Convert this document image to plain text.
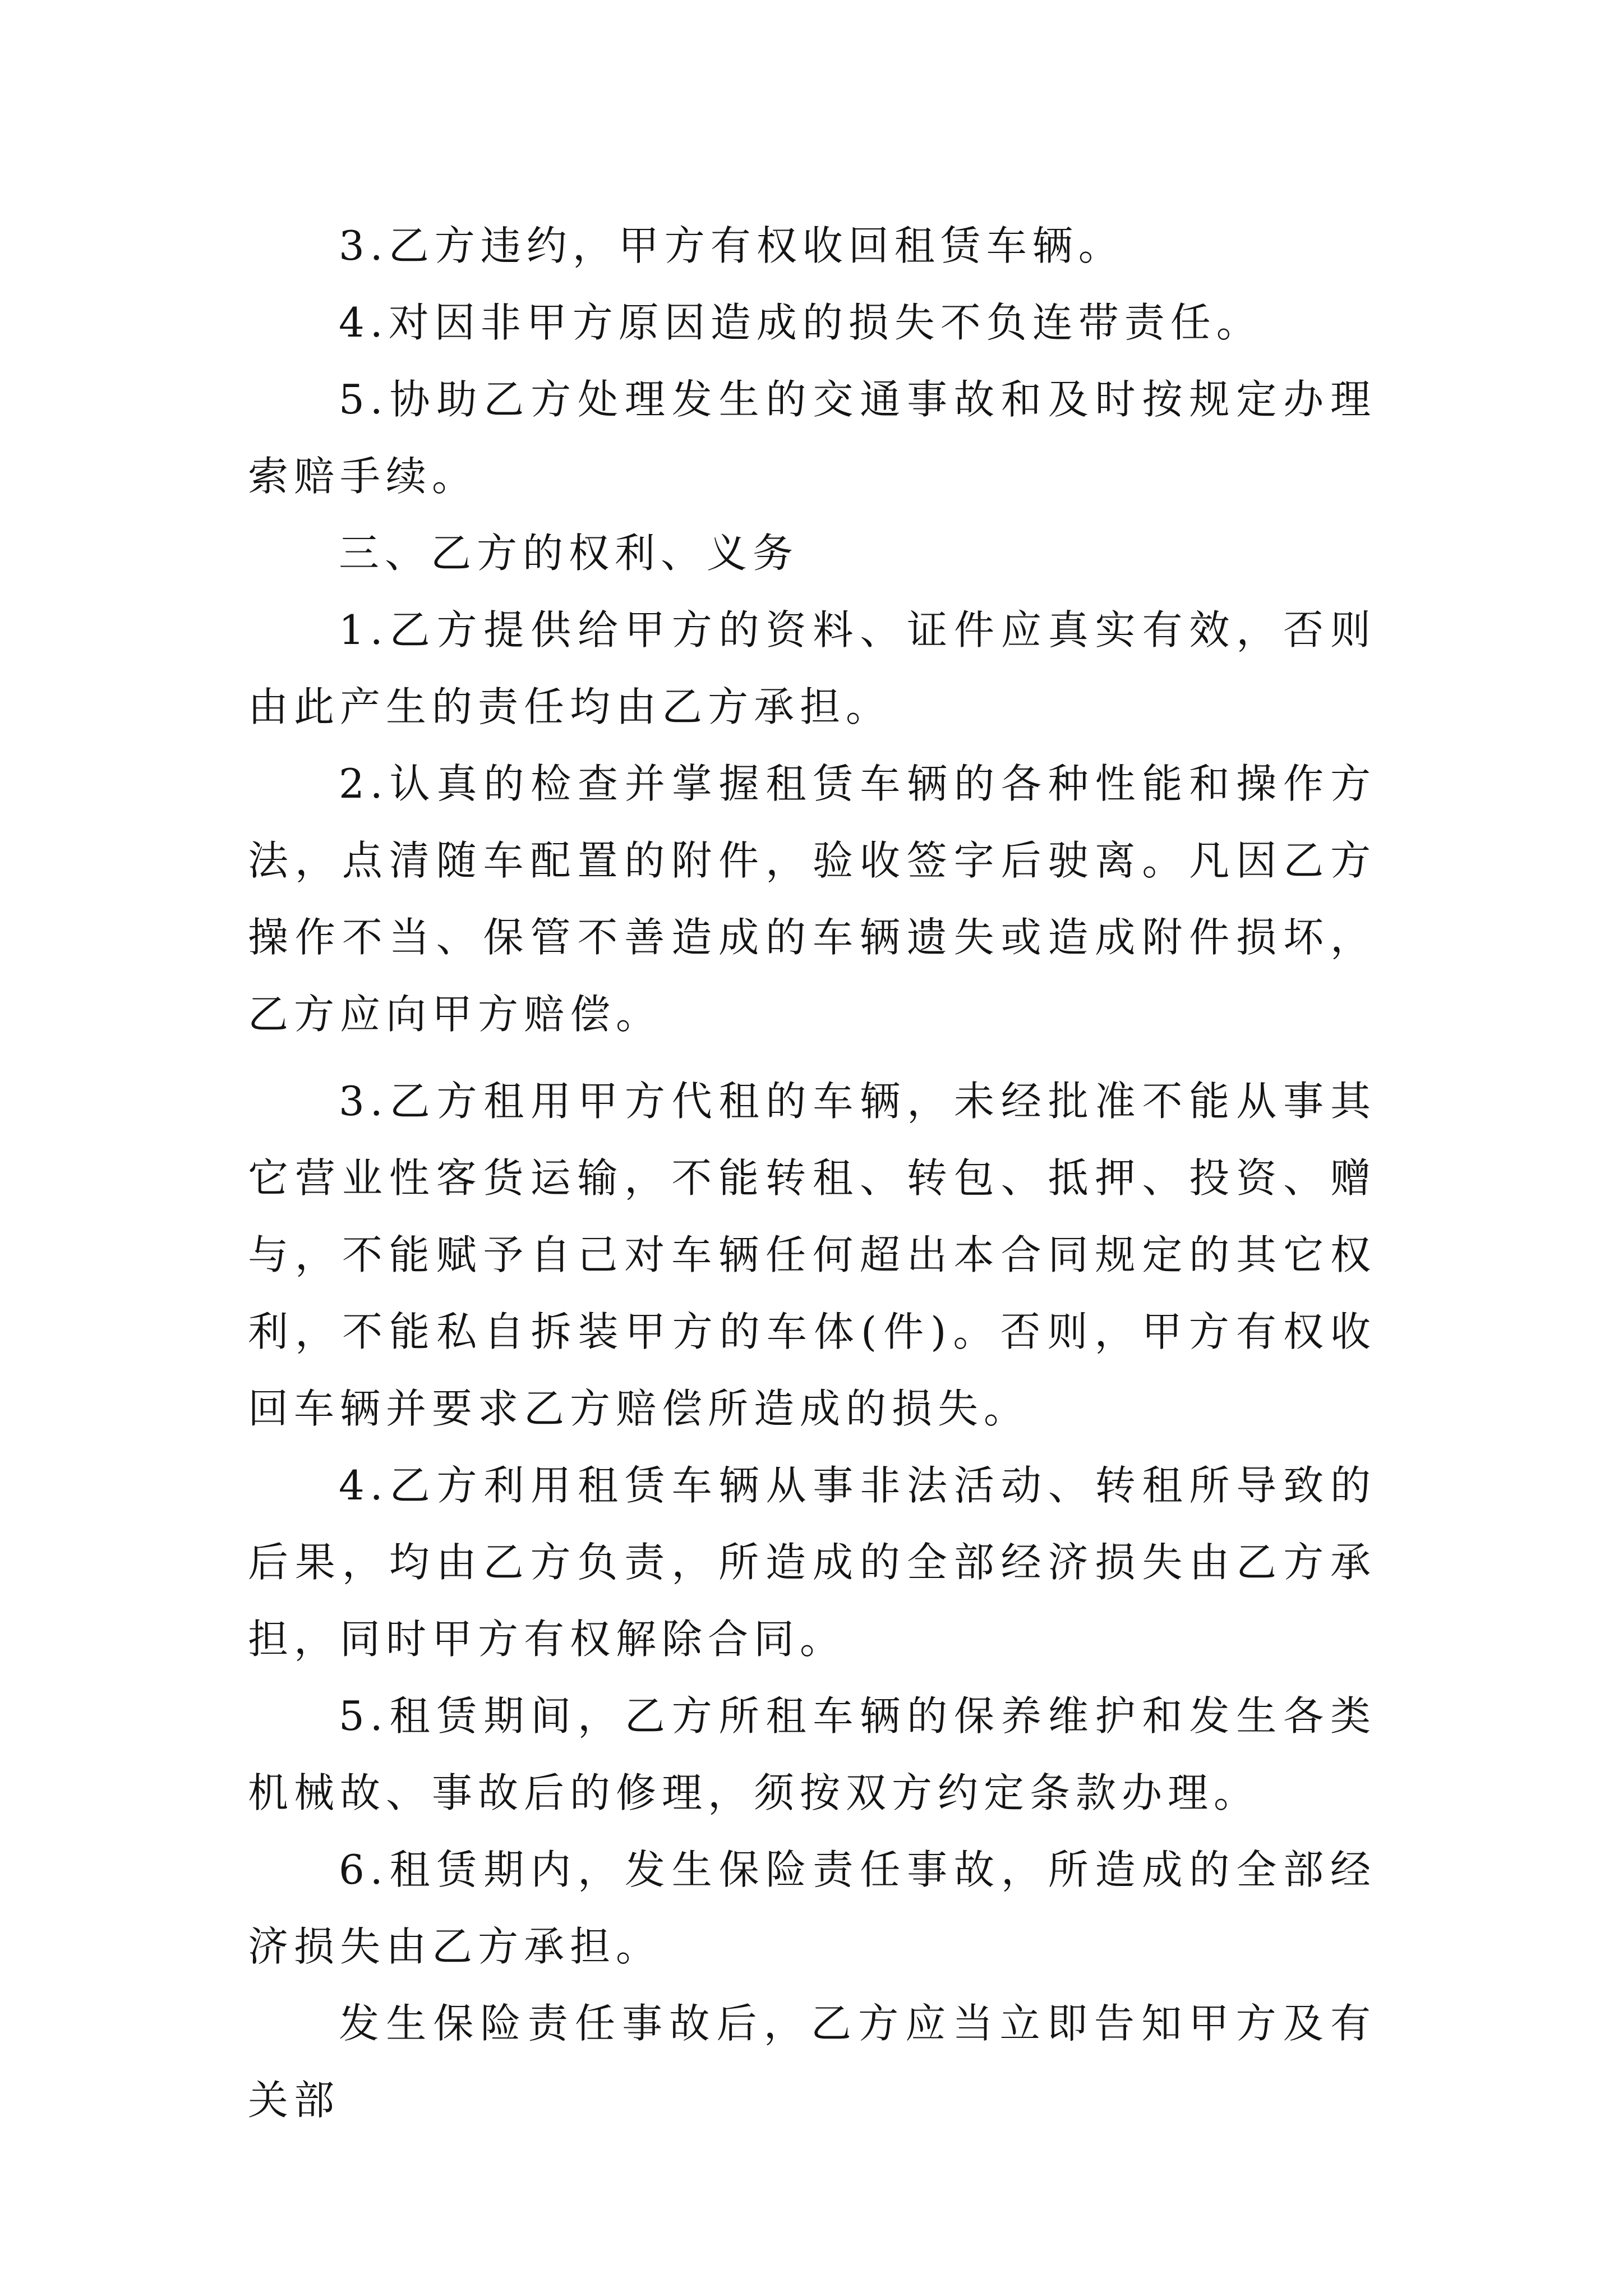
3.乙方违约，甲方有权收回租赁车辆。

4.对因非甲方原因造成的损失不负连带责任。

5.协助乙方处理发生的交通事故和及时按规定办理索赔手续。

三、乙方的权利、义务

1.乙方提供给甲方的资料、证件应真实有效，否则由此产生的责任均由乙方承担。

2.认真的检查并掌握租赁车辆的各种性能和操作方法，点清随车配置的附件，验收签字后驶离。凡因乙方操作不当、保管不善造成的车辆遗失或造成附件损坏，乙方应向甲方赔偿。

3.乙方租用甲方代租的车辆，未经批准不能从事其它营业性客货运输，不能转租、转包、抵押、投资、赠与，不能赋予自己对车辆任何超出本合同规定的其它权利，不能私自拆装甲方的车体(件)。否则，甲方有权收回车辆并要求乙方赔偿所造成的损失。

4.乙方利用租赁车辆从事非法活动、转租所导致的后果，均由乙方负责，所造成的全部经济损失由乙方承担，同时甲方有权解除合同。

5.租赁期间，乙方所租车辆的保养维护和发生各类机械故、事故后的修理，须按双方约定条款办理。

6.租赁期内，发生保险责任事故，所造成的全部经济损失由乙方承担。

发生保险责任事故后，乙方应当立即告知甲方及有关部
